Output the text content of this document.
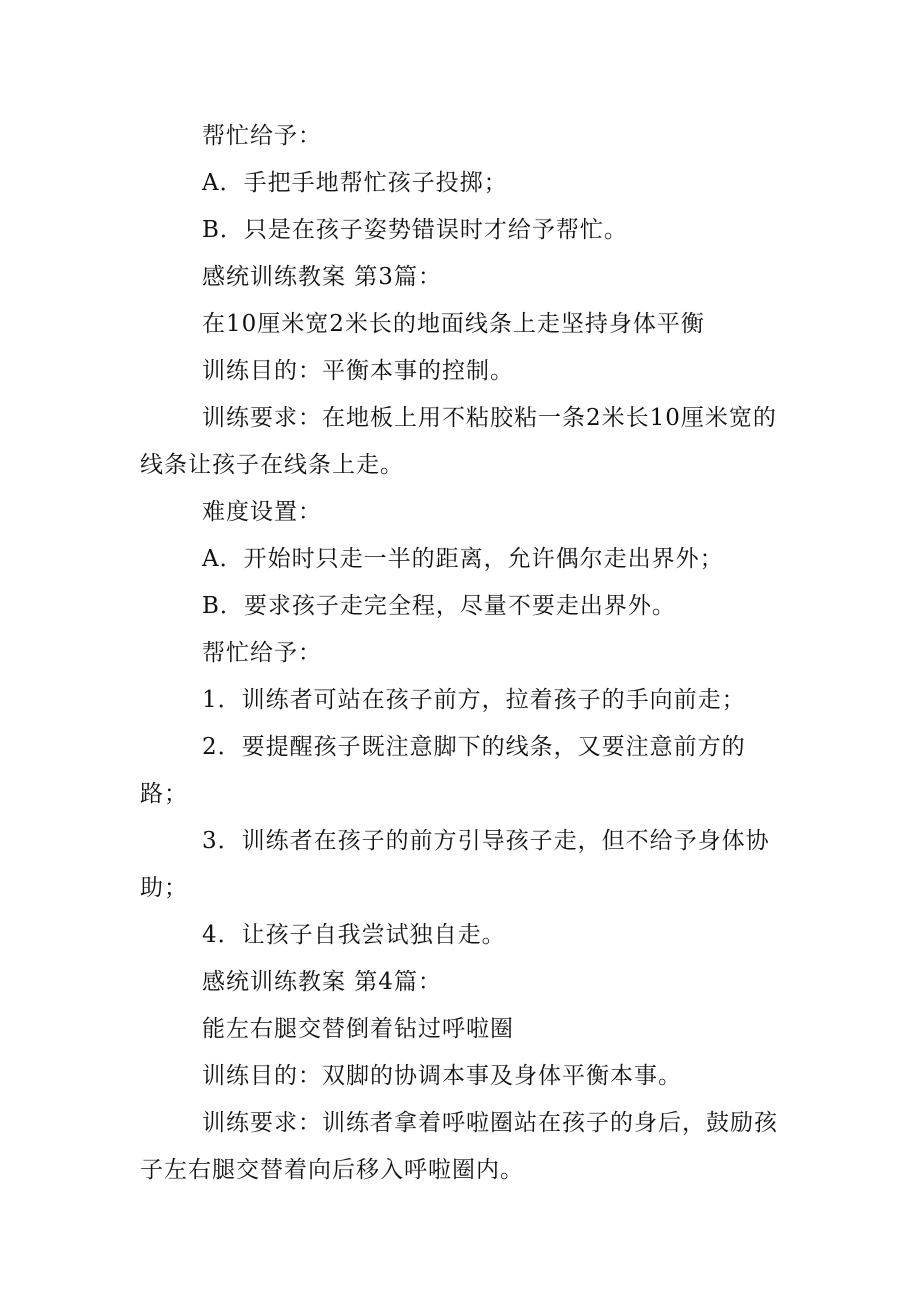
帮忙给予：

A．手把手地帮忙孩子投掷；

B．只是在孩子姿势错误时才给予帮忙。

感统训练教案 第3篇：

在10厘米宽2米长的地面线条上走坚持身体平衡

训练目的：平衡本事的控制。

训练要求：在地板上用不粘胶粘一条2米长10厘米宽的线条让孩子在线条上走。

难度设置：

A．开始时只走一半的距离，允许偶尔走出界外；

B．要求孩子走完全程，尽量不要走出界外。

帮忙给予：

1．训练者可站在孩子前方，拉着孩子的手向前走；

2．要提醒孩子既注意脚下的线条，又要注意前方的路；

3．训练者在孩子的前方引导孩子走，但不给予身体协助；

4．让孩子自我尝试独自走。

感统训练教案 第4篇：

能左右腿交替倒着钻过呼啦圈

训练目的：双脚的协调本事及身体平衡本事。

训练要求：训练者拿着呼啦圈站在孩子的身后，鼓励孩子左右腿交替着向后移入呼啦圈内。
